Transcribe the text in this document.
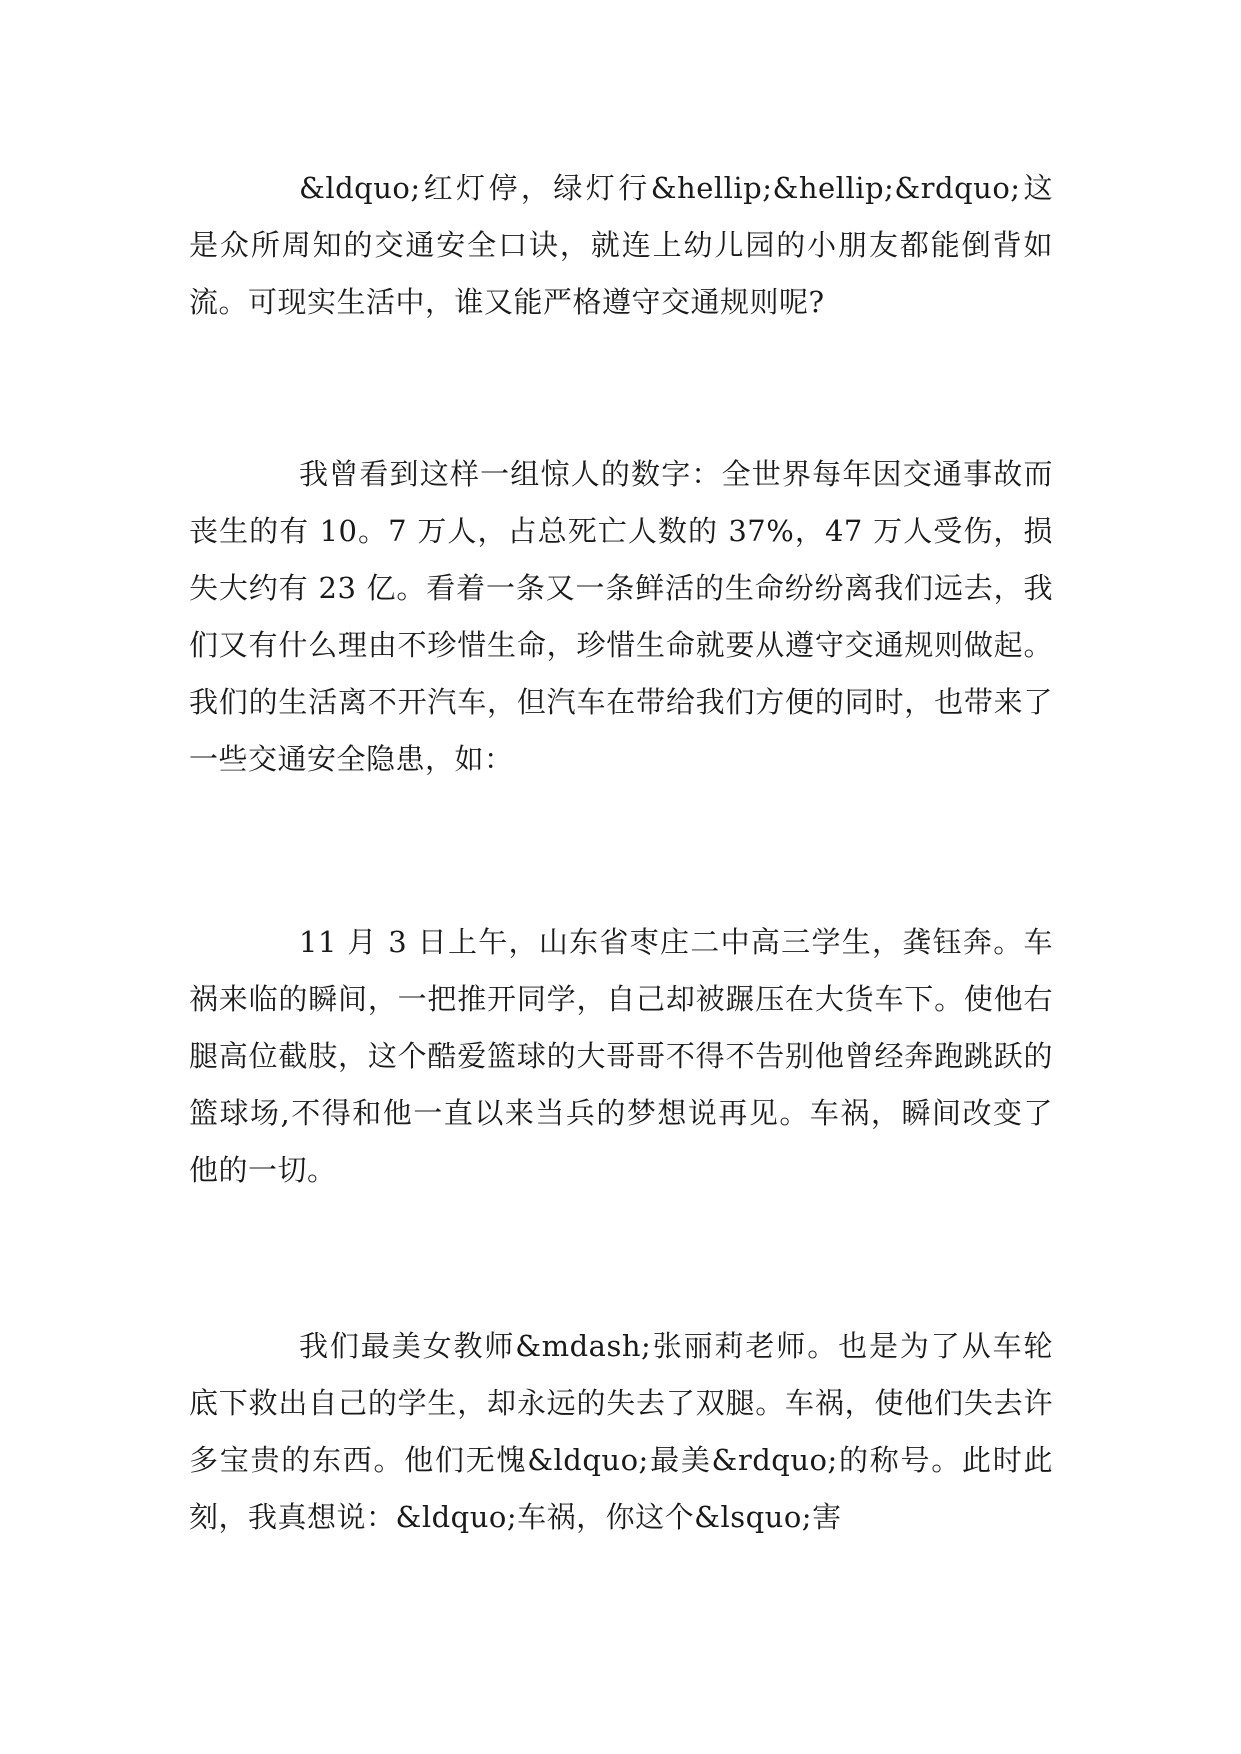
&ldquo;红灯停，绿灯行&hellip;&hellip;&rdquo;这是众所周知的交通安全口诀，就连上幼儿园的小朋友都能倒背如流。可现实生活中，谁又能严格遵守交通规则呢?

我曾看到这样一组惊人的数字：全世界每年因交通事故而丧生的有 10。7 万人，占总死亡人数的 37%，47 万人受伤，损失大约有 23 亿。看着一条又一条鲜活的生命纷纷离我们远去，我们又有什么理由不珍惜生命，珍惜生命就要从遵守交通规则做起。我们的生活离不开汽车，但汽车在带给我们方便的同时，也带来了一些交通安全隐患，如：

11 月 3 日上午，山东省枣庄二中高三学生，龚钰奔。车祸来临的瞬间，一把推开同学，自己却被蹍压在大货车下。使他右腿高位截肢，这个酷爱篮球的大哥哥不得不告别他曾经奔跑跳跃的篮球场,不得和他一直以来当兵的梦想说再见。车祸，瞬间改变了他的一切。

我们最美女教师&mdash;张丽莉老师。也是为了从车轮底下救出自己的学生，却永远的失去了双腿。车祸，使他们失去许多宝贵的东西。他们无愧&ldquo;最美&rdquo;的称号。此时此刻，我真想说：&ldquo;车祸，你这个&lsquo;害
